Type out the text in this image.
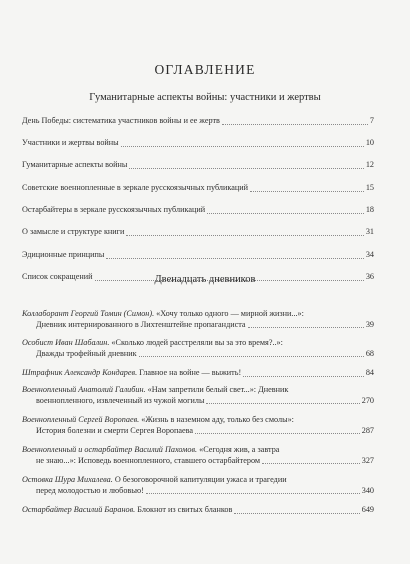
ОГЛАВЛЕНИЕ
Гуманитарные аспекты войны: участники и жертвы
День Победы: систематика участников войны и ее жертв	7
Участники и жертвы войны	10
Гуманитарные аспекты войны	12
Советские военнопленные в зеркале русскоязычных публикаций	15
Остарбайтеры в зеркале русскоязычных публикаций	18
О замысле и структуре книги	31
Эдиционные принципы	34
Список сокращений	36
Двенадцать дневников
Коллаборант Георгий Томин (Симон). «Хочу только одного — мирной жизни...»:
Дневник интернированного в Лихтенштейне пропагандиста	39
Особист Иван Шабалин. «Сколько людей расстреляли вы за это время?..»:
Дважды трофейный дневник	68
Штрафник Александр Кондарев. Главное на войне — выжить!	84
Военнопленный Анатолий Галибин. «Нам запретили белый свет...»: Дневник
военнопленного, извлеченный из чужой могилы	270
Военнопленный Сергей Воропаев. «Жизнь в наземном аду, только без смолы»:
История болезни и смерти Сергея Воропаева	287
Военнопленный и остарбайтер Василий Пахомов. «Сегодня жив, а завтра
не знаю...»: Исповедь военнопленного, ставшего остарбайтером	327
Остовка Шура Михалева. О безоговорочной капитуляции ужаса и трагедии
перед молодостью и любовью!	340
Остарбайтер Василий Баранов. Блокнот из свитых бланков	649
